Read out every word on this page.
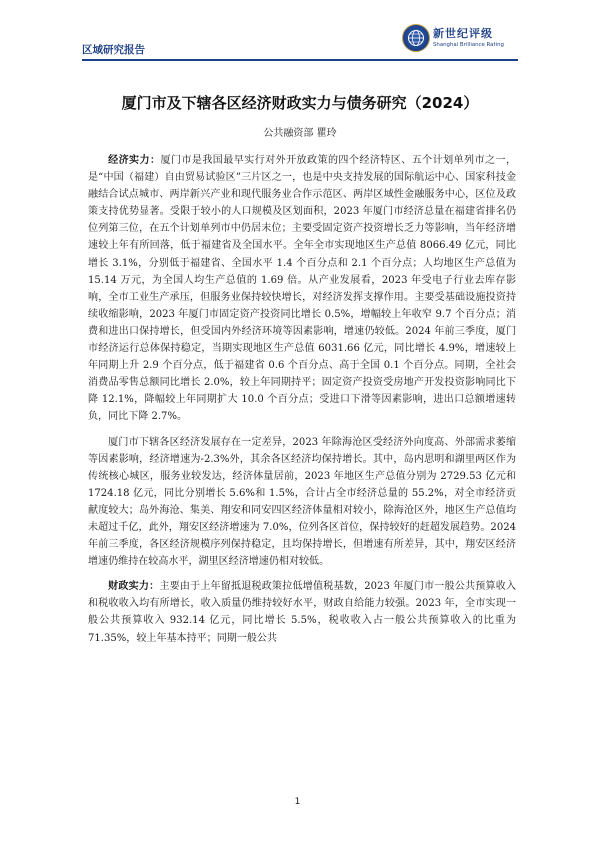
区域研究报告
新世纪评级
Shanghai Brilliance Rating
厦门市及下辖各区经济财政实力与债务研究（2024）
公共融资部 瞿玲

经济实力：厦门市是我国最早实行对外开放政策的四个经济特区、五个计划单列市之一，是“中国（福建）自由贸易试验区”三片区之一，也是中央支持发展的国际航运中心、国家科技金融结合试点城市、两岸新兴产业和现代服务业合作示范区、两岸区域性金融服务中心，区位及政策支持优势显著。受限于较小的人口规模及区划面积，2023 年厦门市经济总量在福建省排名仍位列第三位，在五个计划单列市中仍居末位；主要受固定资产投资增长乏力等影响，当年经济增速较上年有所回落，低于福建省及全国水平。全年全市实现地区生产总值 8066.49 亿元，同比增长 3.1%，分别低于福建省、全国水平 1.4 个百分点和 2.1 个百分点；人均地区生产总值为 15.14 万元，为全国人均生产总值的 1.69 倍。从产业发展看，2023 年受电子行业去库存影响，全市工业生产承压，但服务业保持较快增长，对经济发挥支撑作用。主要受基础设施投资持续收缩影响，2023 年厦门市固定资产投资同比增长 0.5%，增幅较上年收窄 9.7 个百分点；消费和进出口保持增长，但受国内外经济环境等因素影响，增速仍较低。2024 年前三季度，厦门市经济运行总体保持稳定，当期实现地区生产总值 6031.66 亿元，同比增长 4.9%，增速较上年同期上升 2.9 个百分点，低于福建省 0.6 个百分点、高于全国 0.1 个百分点。同期，全社会消费品零售总额同比增长 2.0%，较上年同期持平；固定资产投资受房地产开发投资影响同比下降 12.1%，降幅较上年同期扩大 10.0 个百分点；受进口下滑等因素影响，进出口总额增速转负，同比下降 2.7%。

厦门市下辖各区经济发展存在一定差异，2023 年除海沧区受经济外向度高、外部需求萎缩等因素影响，经济增速为-2.3%外，其余各区经济均保持增长。其中，岛内思明和湖里两区作为传统核心城区，服务业较发达，经济体量居前，2023 年地区生产总值分别为 2729.53 亿元和 1724.18 亿元，同比分别增长 5.6%和 1.5%，合计占全市经济总量的 55.2%，对全市经济贡献度较大；岛外海沧、集美、翔安和同安四区经济体量相对较小，除海沧区外，地区生产总值均未超过千亿，此外，翔安区经济增速为 7.0%，位列各区首位，保持较好的赶超发展趋势。2024 年前三季度，各区经济规模序列保持稳定，且均保持增长，但增速有所差异，其中，翔安区经济增速仍维持在较高水平，湖里区经济增速仍相对较低。

财政实力：主要由于上年留抵退税政策拉低增值税基数，2023 年厦门市一般公共预算收入和税收收入均有所增长，收入质量仍维持较好水平，财政自给能力较强。2023 年，全市实现一般公共预算收入 932.14 亿元，同比增长 5.5%，税收收入占一般公共预算收入的比重为 71.35%，较上年基本持平；同期一般公共

1
